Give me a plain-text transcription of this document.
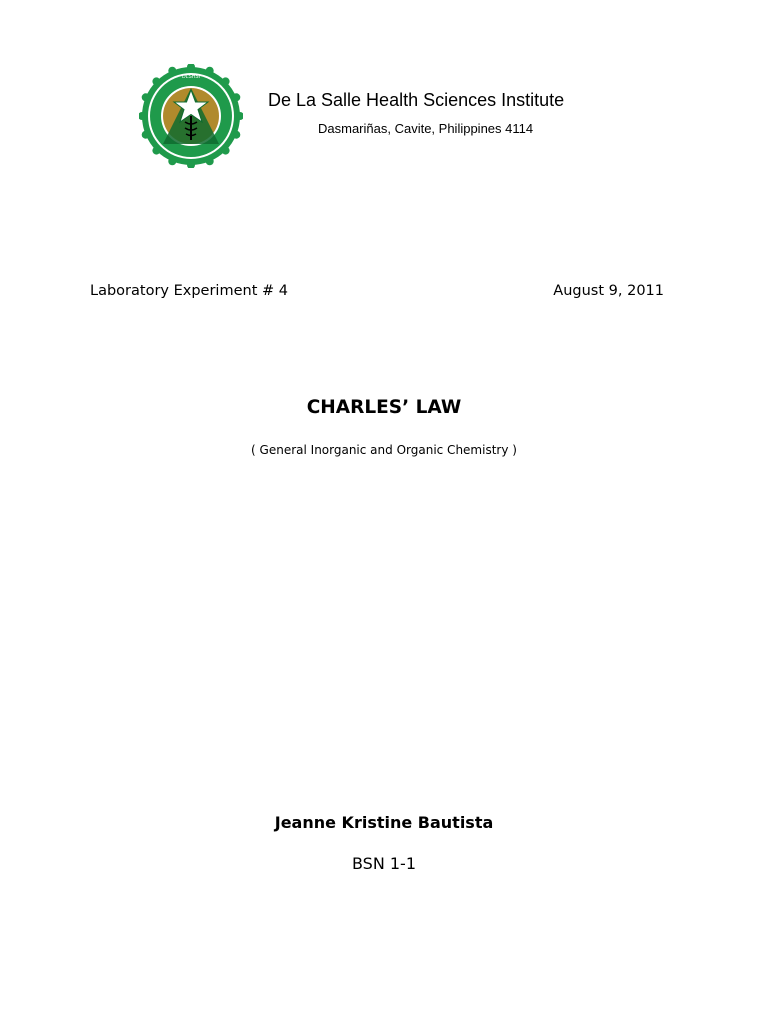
DLSHSI
De La Salle Health Sciences Institute
Dasmariñas, Cavite, Philippines 4114
Laboratory Experiment # 4	August 9, 2011
CHARLES’ LAW
( General Inorganic and Organic Chemistry )
Jeanne Kristine Bautista
BSN 1-1
